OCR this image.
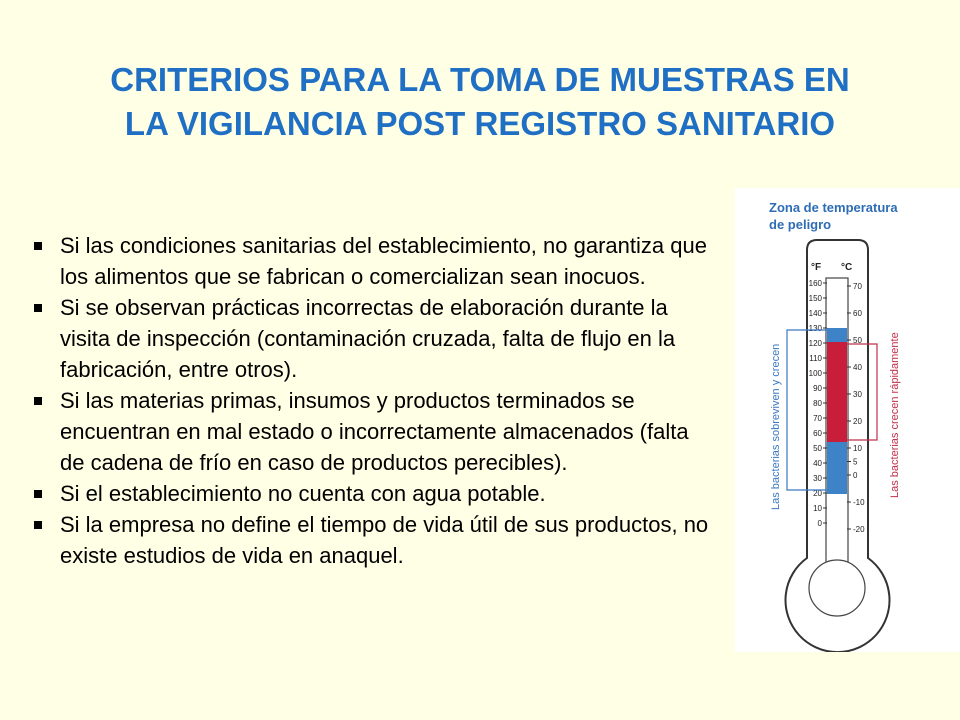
CRITERIOS PARA LA TOMA DE MUESTRAS EN
LA VIGILANCIA POST REGISTRO SANITARIO
Si las condiciones sanitarias del establecimiento, no garantiza que los alimentos que se fabrican o comercializan sean inocuos.
Si se observan prácticas incorrectas de elaboración durante la visita de inspección (contaminación cruzada, falta de flujo en la fabricación, entre otros).
Si las materias primas, insumos y productos terminados se encuentran en mal estado o incorrectamente almacenados (falta de cadena de frío en caso de productos perecibles).
Si el establecimiento no cuenta con agua potable.
Si la empresa no define el tiempo de vida útil de sus productos, no existe estudios de vida en anaquel.
Zona de temperatura
de peligro
°F °C
160
150
140
130
120
110
100
90
80
70
60
50
40
30
20
10
0
70
60
50
40
30
20
10
5
0
-10
-20
Las bacterias sobreviven y crecen	Las bacterias crecen rápidamente
